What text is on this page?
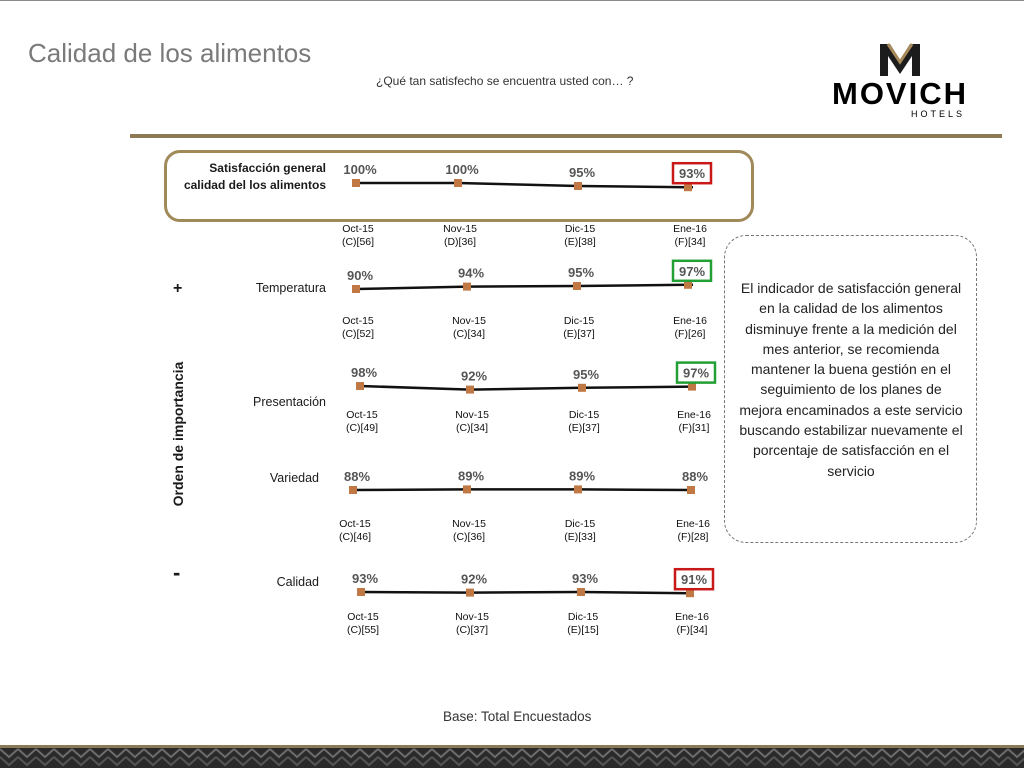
Calidad de los alimentos
¿Qué tan satisfecho se encuentra usted con… ?	MOVICH
HOTELS
100%
Oct-15
(C)[56]
100%
Nov-15
(D)[36]
95%
Dic-15
(E)[38]
93%
Ene-16
(F)[34]
90%
Oct-15
(C)[52]
94%
Nov-15
(C)[34]
95%
Dic-15
(E)[37]
97%
Ene-16
(F)[26]
98%
Oct-15
(C)[49]
92%
Nov-15
(C)[34]
95%
Dic-15
(E)[37]
97%
Ene-16
(F)[31]
88%
Oct-15
(C)[46]
89%
Nov-15
(C)[36]
89%
Dic-15
(E)[33]
88%
Ene-16
(F)[28]
93%
Oct-15
(C)[55]
92%
Nov-15
(C)[37]
93%
Dic-15
(E)[15]
91%
Ene-16
(F)[34]
Satisfacción general
calidad del los alimentos
Temperatura
Presentación
Variedad
Calidad
Orden de importancia
+
-
El indicador de satisfacción general en la calidad de los alimentos disminuye frente a la medición del mes anterior, se recomienda mantener la buena gestión en el seguimiento de los planes de mejora encaminados a este servicio buscando estabilizar nuevamente el porcentaje de satisfacción en el servicio
Base: Total Encuestados
